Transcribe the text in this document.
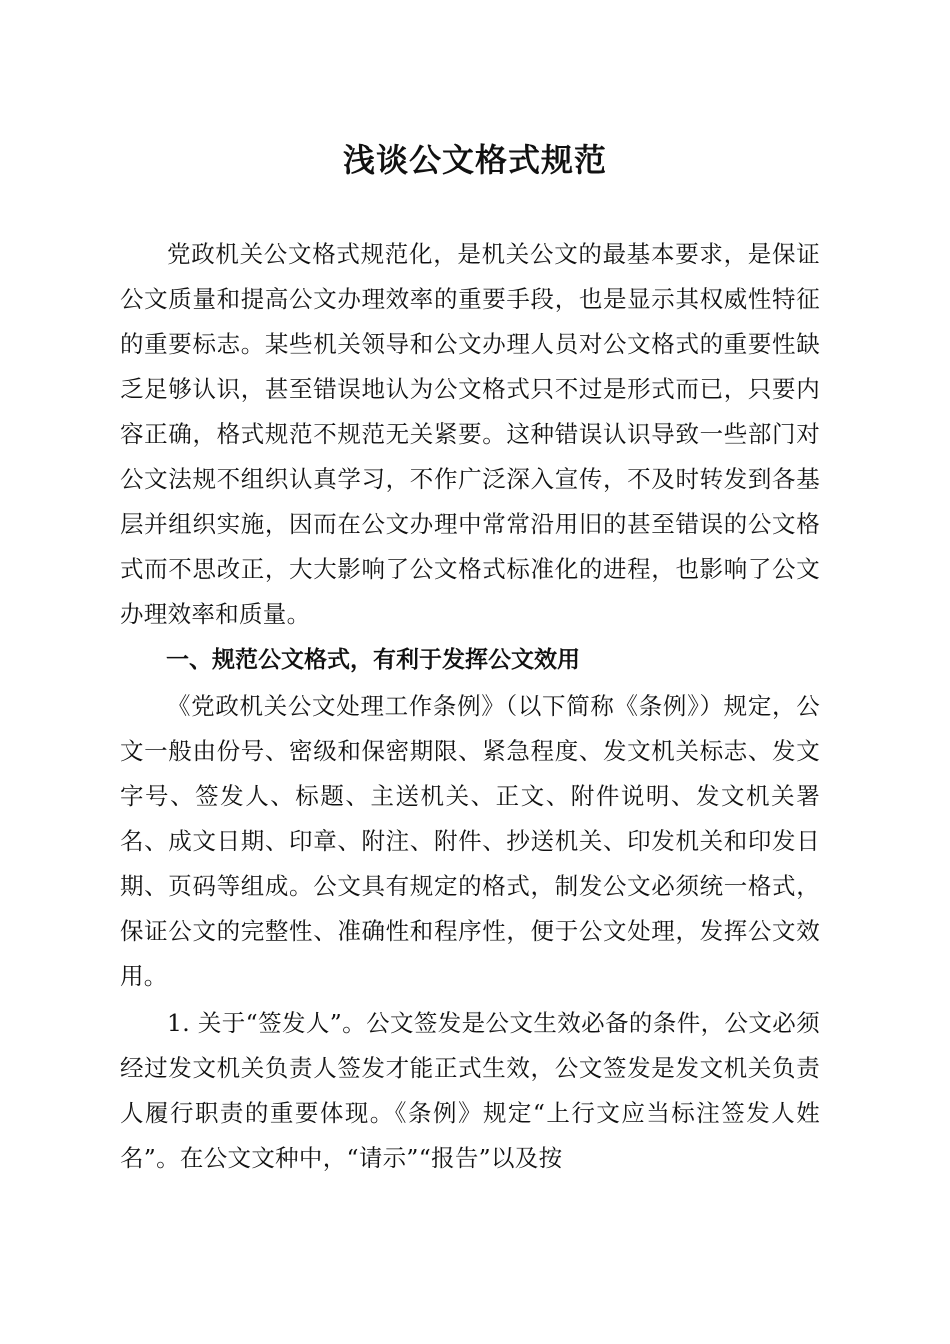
浅谈公文格式规范

党政机关公文格式规范化，是机关公文的最基本要求，是保证公文质量和提高公文办理效率的重要手段，也是显示其权威性特征的重要标志。某些机关领导和公文办理人员对公文格式的重要性缺乏足够认识，甚至错误地认为公文格式只不过是形式而已，只要内容正确，格式规范不规范无关紧要。这种错误认识导致一些部门对公文法规不组织认真学习，不作广泛深入宣传，不及时转发到各基层并组织实施，因而在公文办理中常常沿用旧的甚至错误的公文格式而不思改正，大大影响了公文格式标准化的进程，也影响了公文办理效率和质量。

一、规范公文格式，有利于发挥公文效用

《党政机关公文处理工作条例》（以下简称《条例》）规定，公文一般由份号、密级和保密期限、紧急程度、发文机关标志、发文字号、签发人、标题、主送机关、正文、附件说明、发文机关署名、成文日期、印章、附注、附件、抄送机关、印发机关和印发日期、页码等组成。公文具有规定的格式，制发公文必须统一格式，保证公文的完整性、准确性和程序性，便于公文处理，发挥公文效用。

1. 关于“签发人”。公文签发是公文生效必备的条件，公文必须经过发文机关负责人签发才能正式生效，公文签发是发文机关负责人履行职责的重要体现。《条例》规定“上行文应当标注签发人姓名”。在公文文种中，“请示”“报告”以及按
